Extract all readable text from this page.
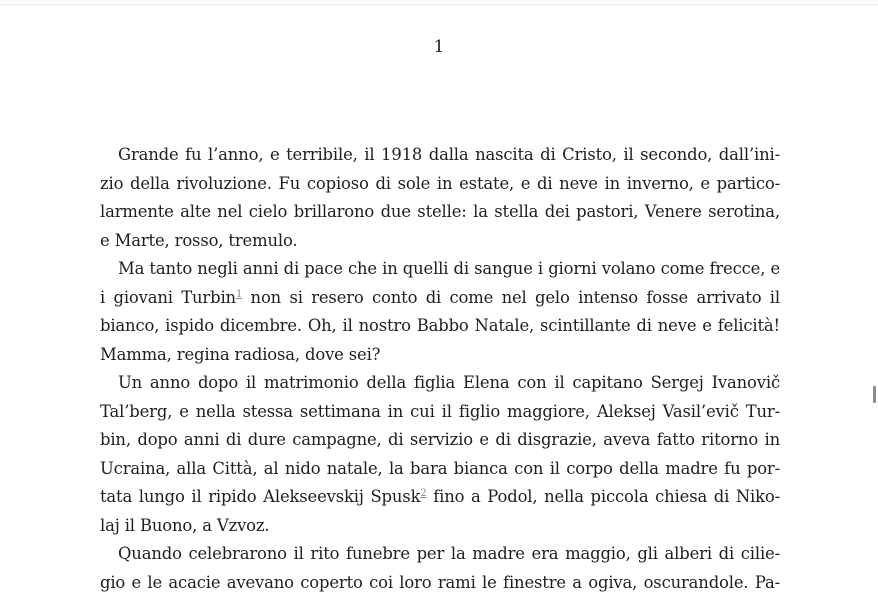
1
Grande fu l’anno, e terribile, il 1918 dalla nascita di Cristo, il secondo, dall’ini-
zio della rivoluzione. Fu copioso di sole in estate, e di neve in inverno, e partico-
larmente alte nel cielo brillarono due stelle: la stella dei pastori, Venere serotina,
e Marte, rosso, tremulo.
Ma tanto negli anni di pace che in quelli di sangue i giorni volano come frecce, e
i giovani Turbin$^1$ non si resero conto di come nel gelo intenso fosse arrivato il
bianco, ispido dicembre. Oh, il nostro Babbo Natale, scintillante di neve e felicità!
Mamma, regina radiosa, dove sei?
Un anno dopo il matrimonio della figlia Elena con il capitano Sergej Ivanovič
Tal’berg, e nella stessa settimana in cui il figlio maggiore, Aleksej Vasil’evič Tur-
bin, dopo anni di dure campagne, di servizio e di disgrazie, aveva fatto ritorno in
Ucraina, alla Città, al nido natale, la bara bianca con il corpo della madre fu por-
tata lungo il ripido Alekseevskij Spusk$^2$ fino a Podol, nella piccola chiesa di Niko-
laj il Buono, a Vzvoz.
Quando celebrarono il rito funebre per la madre era maggio, gli alberi di cilie-
gio e le acacie avevano coperto coi loro rami le finestre a ogiva, oscurandole. Pa-
